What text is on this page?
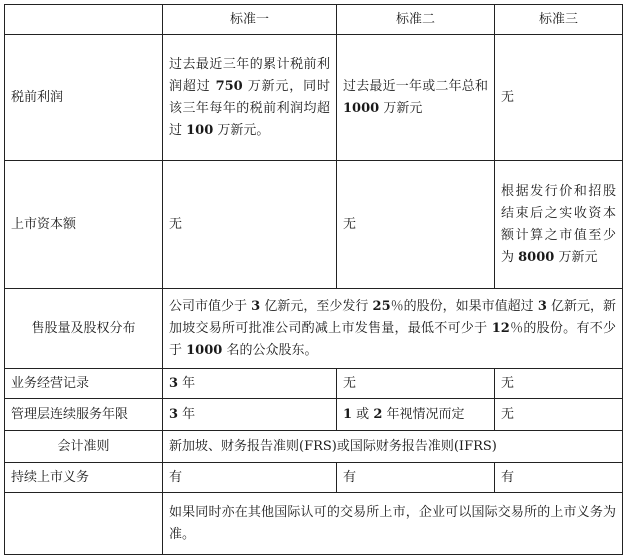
	标准一	标准二	标准三
税前利润	过去最近三年的累计税前利润超过 750 万新元，同时该三年每年的税前利润均超过 100 万新元。	过去最近一年或二年总和 1000 万新元	无
上市资本额	无	无	根据发行价和招股结束后之实收资本额计算之市值至少为 8000 万新元
售股量及股权分布	公司市值少于 3 亿新元，至少发行 25％的股份，如果市值超过 3 亿新元，新加坡交易所可批准公司酌减上市发售量，最低不可少于 12％的股份。有不少于 1000 名的公众股东。		
业务经营记录	3 年	无	无
管理层连续服务年限	3 年	1 或 2 年视情况而定	无
会计准则	新加坡、财务报告准则(FRS)或国际财务报告准则(IFRS)		
持续上市义务	有	有	有
	如果同时亦在其他国际认可的交易所上市，企业可以国际交易所的上市义务为准。		
